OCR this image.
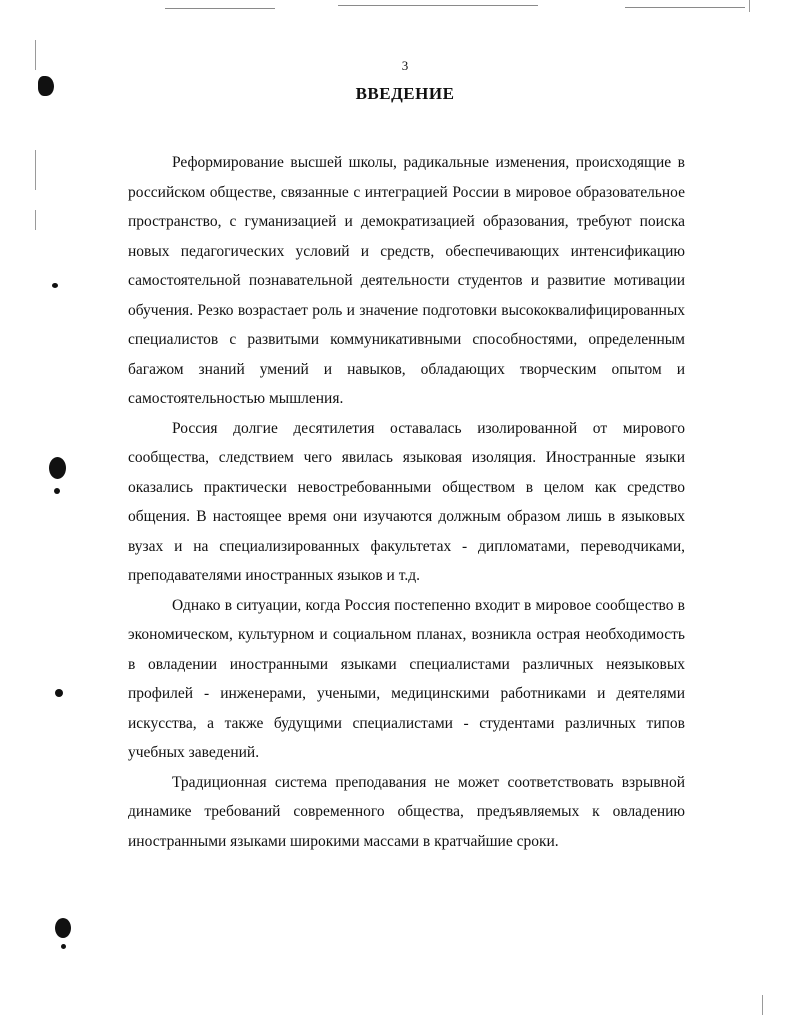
3
ВВЕДЕНИЕ

Реформирование высшей школы, радикальные изменения, происходящие в российском обществе, связанные с интеграцией России в мировое образовательное пространство, с гуманизацией и демократизацией образования, требуют поиска новых педагогических условий и средств, обеспечивающих интенсификацию самостоятельной познавательной деятельности студентов и развитие мотивации обучения. Резко возрастает роль и значение подготовки высококвалифицированных специалистов с развитыми коммуникативными способностями, определенным багажом знаний умений и навыков, обладающих творческим опытом и самостоятельностью мышления.

Россия долгие десятилетия оставалась изолированной от мирового сообщества, следствием чего явилась языковая изоляция. Иностранные языки оказались практически невостребованными обществом в целом как средство общения. В настоящее время они изучаются должным образом лишь в языковых вузах и на специализированных факультетах - дипломатами, переводчиками, преподавателями иностранных языков и т.д.

Однако в ситуации, когда Россия постепенно входит в мировое сообщество в экономическом, культурном и социальном планах, возникла острая необходимость в овладении иностранными языками специалистами различных неязыковых профилей - инженерами, учеными, медицинскими работниками и деятелями искусства, а также будущими специалистами - студентами различных типов учебных заведений.

Традиционная система преподавания не может соответствовать взрывной динамике требований современного общества, предъявляемых к овладению иностранными языками широкими массами в кратчайшие сроки.
